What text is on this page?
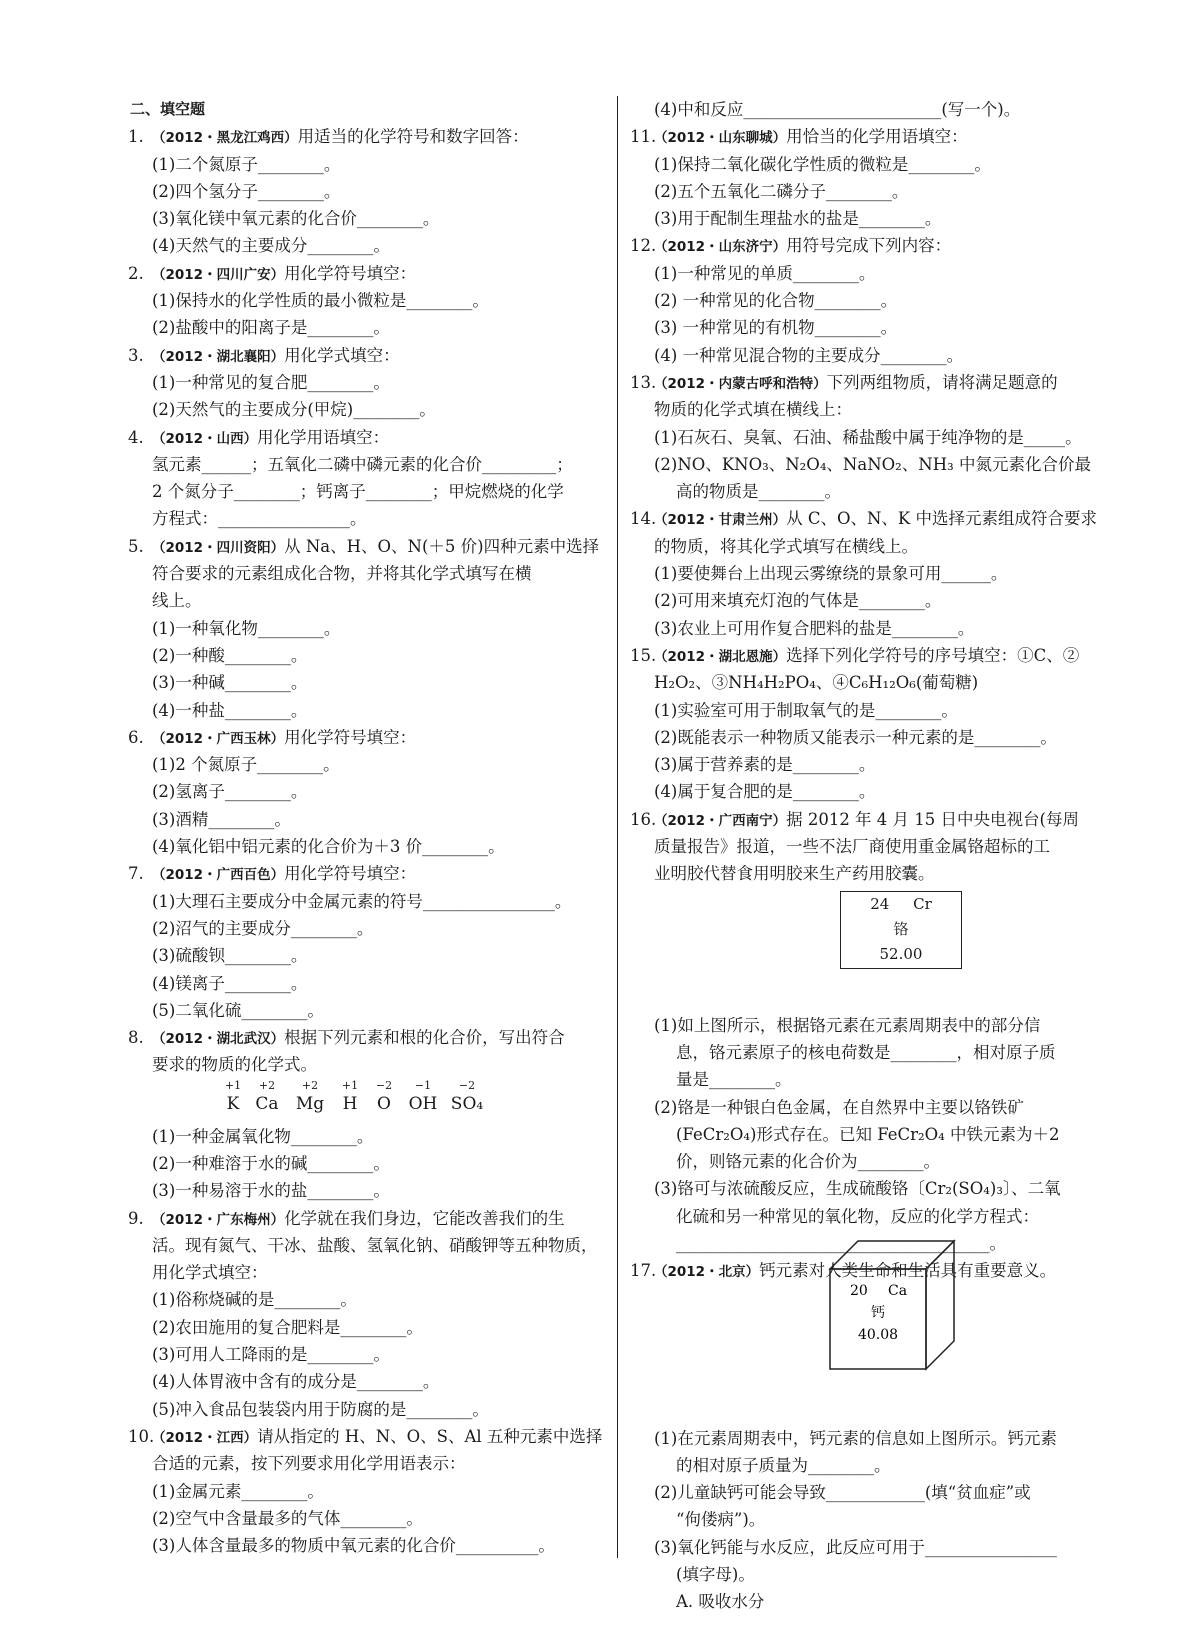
二、填空题
1. （2012・黑龙江鸡西）用适当的化学符号和数字回答：
(1)二个氮原子________。
(2)四个氢分子________。
(3)氧化镁中氧元素的化合价________。
(4)天然气的主要成分________。
2. （2012・四川广安）用化学符号填空：
(1)保持水的化学性质的最小微粒是________。
(2)盐酸中的阳离子是________。
3. （2012・湖北襄阳）用化学式填空：
(1)一种常见的复合肥________。
(2)天然气的主要成分(甲烷)________。
4. （2012・山西）用化学用语填空：
氢元素______；五氧化二磷中磷元素的化合价_________；
2 个氮分子________；钙离子________；甲烷燃烧的化学
方程式：________________。
5. （2012・四川资阳）从 Na、H、O、N(＋5 价)四种元素中选择
符合要求的元素组成化合物，并将其化学式填写在横
线上。
(1)一种氧化物________。
(2)一种酸________。
(3)一种碱________。
(4)一种盐________。
6. （2012・广西玉林）用化学符号填空：
(1)2 个氮原子________。
(2)氢离子________。
(3)酒精________。
(4)氧化铝中铝元素的化合价为＋3 价________。
7. （2012・广西百色）用化学符号填空：
(1)大理石主要成分中金属元素的符号________________。
(2)沼气的主要成分________。
(3)硫酸钡________。
(4)镁离子________。
(5)二氧化硫________。
8. （2012・湖北武汉）根据下列元素和根的化合价，写出符合
要求的物质的化学式。
+1
K
+2
Ca
+2
Mg
+1
H
−2
O
−1
OH
−2
SO₄
(1)一种金属氧化物________。
(2)一种难溶于水的碱________。
(3)一种易溶于水的盐________。
9. （2012・广东梅州）化学就在我们身边，它能改善我们的生
活。现有氮气、干冰、盐酸、氢氧化钠、硝酸钾等五种物质，
用化学式填空：
(1)俗称烧碱的是________。
(2)农田施用的复合肥料是________。
(3)可用人工降雨的是________。
(4)人体胃液中含有的成分是________。
(5)冲入食品包装袋内用于防腐的是________。
10.
（2012・江西）请从指定的 H、N、O、S、Al 五种元素中选择
合适的元素，按下列要求用化学用语表示：
(1)金属元素________。
(2)空气中含量最多的气体________。
(3)人体含量最多的物质中氧元素的化合价__________。
(4)中和反应________________________(写一个)。
11.
（2012・山东聊城）用恰当的化学用语填空：
(1)保持二氧化碳化学性质的微粒是________。
(2)五个五氧化二磷分子________。
(3)用于配制生理盐水的盐是________。
12.
（2012・山东济宁）用符号完成下列内容：
(1)一种常见的单质________。
(2) 一种常见的化合物________。
(3) 一种常见的有机物________。
(4) 一种常见混合物的主要成分________。
13.
（2012・内蒙古呼和浩特）下列两组物质，请将满足题意的
物质的化学式填在横线上：
(1)石灰石、臭氧、石油、稀盐酸中属于纯净物的是_____。
(2)NO、KNO₃、N₂O₄、NaNO₂、NH₃ 中氮元素化合价最
高的物质是________。
14.
（2012・甘肃兰州）从 C、O、N、K 中选择元素组成符合要求
的物质，将其化学式填写在横线上。
(1)要使舞台上出现云雾缭绕的景象可用______。
(2)可用来填充灯泡的气体是________。
(3)农业上可用作复合肥料的盐是________。
15.
（2012・湖北恩施）选择下列化学符号的序号填空：①C、②
H₂O₂、③NH₄H₂PO₄、④C₆H₁₂O₆(葡萄糖)
(1)实验室可用于制取氧气的是________。
(2)既能表示一种物质又能表示一种元素的是________。
(3)属于营养素的是________。
(4)属于复合肥的是________。
16.
（2012・广西南宁）据 2012 年 4 月 15 日中央电视台(每周
质量报告》报道，一些不法厂商使用重金属铬超标的工
业明胶代替食用明胶来生产药用胶囊。
(1)如上图所示，根据铬元素在元素周期表中的部分信
息，铬元素原子的核电荷数是________，相对原子质
量是________。
(2)铬是一种银白色金属，在自然界中主要以铬铁矿
(FeCr₂O₄)形式存在。已知 FeCr₂O₄ 中铁元素为＋2
价，则铬元素的化合价为________。
(3)铬可与浓硫酸反应，生成硫酸铬〔Cr₂(SO₄)₃〕、二氧
化硫和另一种常见的氧化物，反应的化学方程式：
______________________________________。
17.
（2012・北京）钙元素对人类生命和生活具有重要意义。
(1)在元素周期表中，钙元素的信息如上图所示。钙元素
的相对原子质量为________。
(2)儿童缺钙可能会导致____________(填“贫血症”或
“佝偻病”)。
(3)氧化钙能与水反应，此反应可用于________________
(填字母)。
A. 吸收水分
24 Cr
铬
52.00
20 Ca
钙
40.08
